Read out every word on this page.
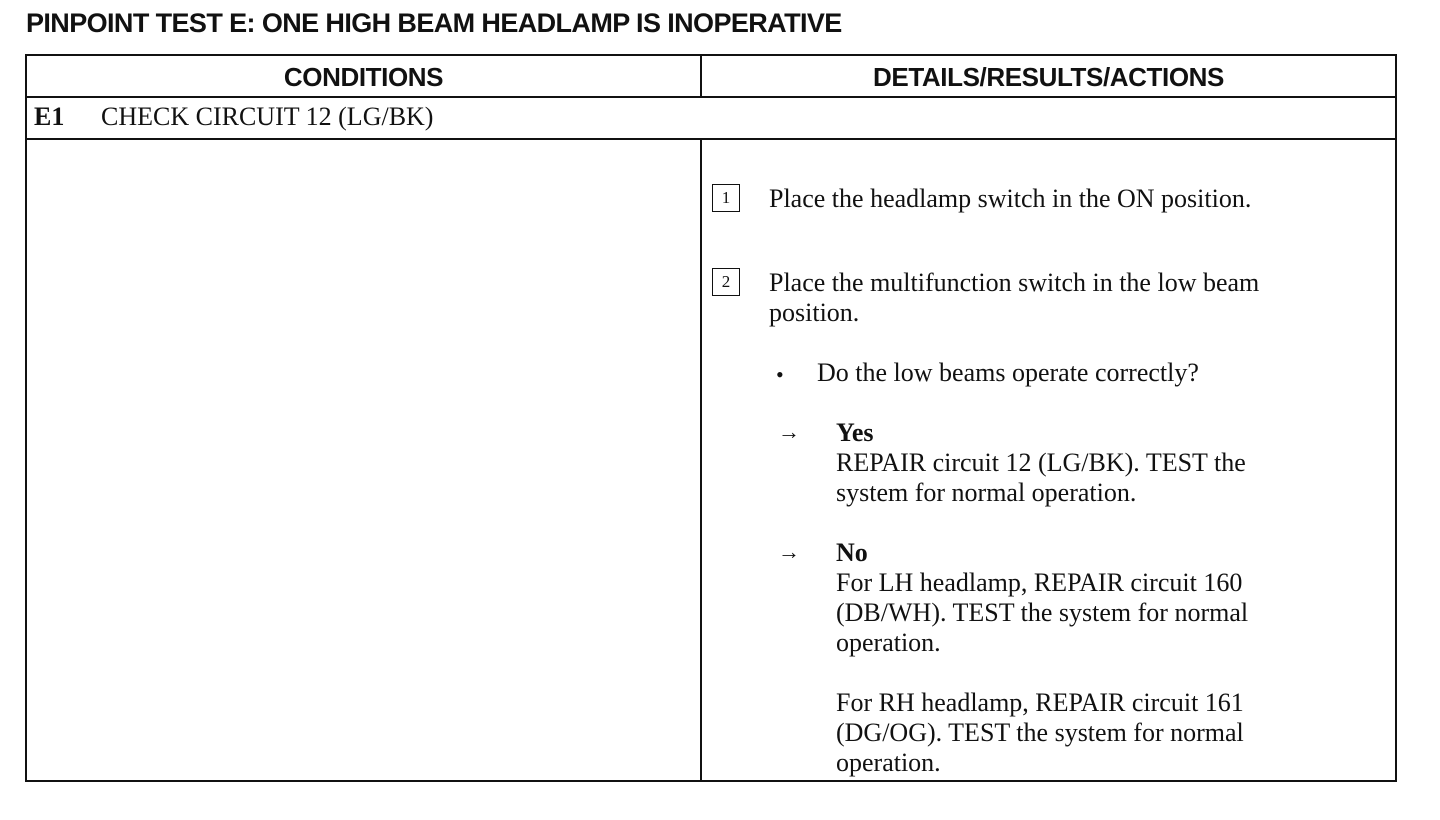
PINPOINT TEST E: ONE HIGH BEAM HEADLAMP IS INOPERATIVE
CONDITIONS	DETAILS/RESULTS/ACTIONS
E1 CHECK CIRCUIT 12 (LG/BK)
1	Place the headlamp switch in the ON position.
2	Place the multifunction switch in the low beam
position.
• Do the low beams operate correctly?
→ Yes
REPAIR circuit 12 (LG/BK). TEST the
system for normal operation.
→ No
For LH headlamp, REPAIR circuit 160
(DB/WH). TEST the system for normal
operation.
For RH headlamp, REPAIR circuit 161
(DG/OG). TEST the system for normal
operation.
